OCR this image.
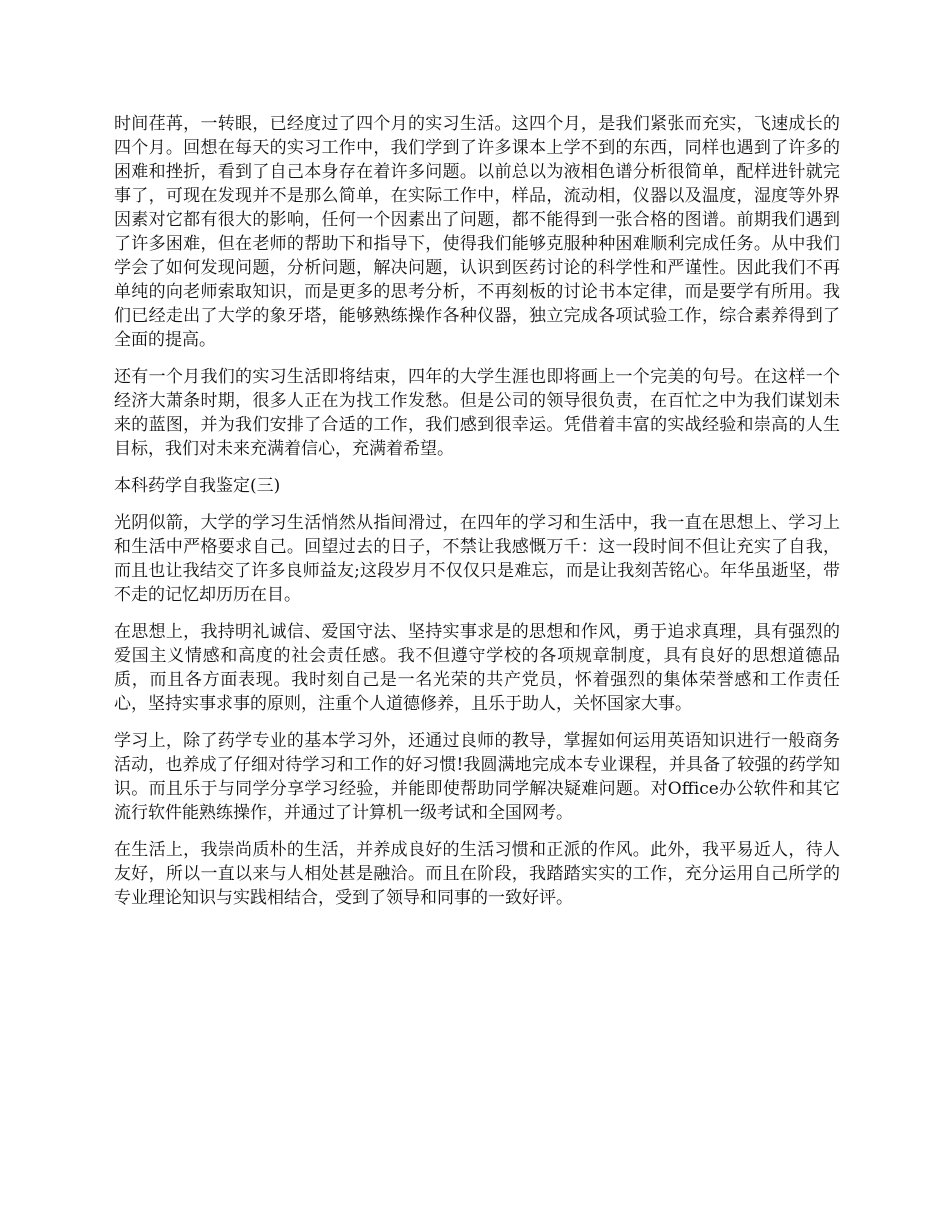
时间荏苒，一转眼，已经度过了四个月的实习生活。这四个月，是我们紧张而充实，飞速成长的四个月。回想在每天的实习工作中，我们学到了许多课本上学不到的东西，同样也遇到了许多的困难和挫折，看到了自己本身存在着许多问题。以前总以为液相色谱分析很简单，配样进针就完事了，可现在发现并不是那么简单，在实际工作中，样品，流动相，仪器以及温度，湿度等外界因素对它都有很大的影响，任何一个因素出了问题，都不能得到一张合格的图谱。前期我们遇到了许多困难，但在老师的帮助下和指导下，使得我们能够克服种种困难顺利完成任务。从中我们学会了如何发现问题，分析问题，解决问题，认识到医药讨论的科学性和严谨性。因此我们不再单纯的向老师索取知识，而是更多的思考分析，不再刻板的讨论书本定律，而是要学有所用。我们已经走出了大学的象牙塔，能够熟练操作各种仪器，独立完成各项试验工作，综合素养得到了全面的提高。

还有一个月我们的实习生活即将结束，四年的大学生涯也即将画上一个完美的句号。在这样一个经济大萧条时期，很多人正在为找工作发愁。但是公司的领导很负责，在百忙之中为我们谋划未来的蓝图，并为我们安排了合适的工作，我们感到很幸运。凭借着丰富的实战经验和崇高的人生目标，我们对未来充满着信心，充满着希望。

本科药学自我鉴定(三)

光阴似箭，大学的学习生活悄然从指间滑过，在四年的学习和生活中，我一直在思想上、学习上和生活中严格要求自己。回望过去的日子，不禁让我感慨万千：这一段时间不但让充实了自我，而且也让我结交了许多良师益友;这段岁月不仅仅只是难忘，而是让我刻苦铭心。年华虽逝坚，带不走的记忆却历历在目。

在思想上，我持明礼诚信、爱国守法、坚持实事求是的思想和作风，勇于追求真理，具有强烈的爱国主义情感和高度的社会责任感。我不但遵守学校的各项规章制度，具有良好的思想道德品质，而且各方面表现。我时刻自己是一名光荣的共产党员，怀着强烈的集体荣誉感和工作责任心，坚持实事求事的原则，注重个人道德修养，且乐于助人，关怀国家大事。

学习上，除了药学专业的基本学习外，还通过良师的教导，掌握如何运用英语知识进行一般商务活动，也养成了仔细对待学习和工作的好习惯!我圆满地完成本专业课程，并具备了较强的药学知识。而且乐于与同学分享学习经验，并能即使帮助同学解决疑难问题。对Office办公软件和其它流行软件能熟练操作，并通过了计算机一级考试和全国网考。

在生活上，我崇尚质朴的生活，并养成良好的生活习惯和正派的作风。此外，我平易近人，待人友好，所以一直以来与人相处甚是融洽。而且在阶段，我踏踏实实的工作，充分运用自己所学的专业理论知识与实践相结合，受到了领导和同事的一致好评。
